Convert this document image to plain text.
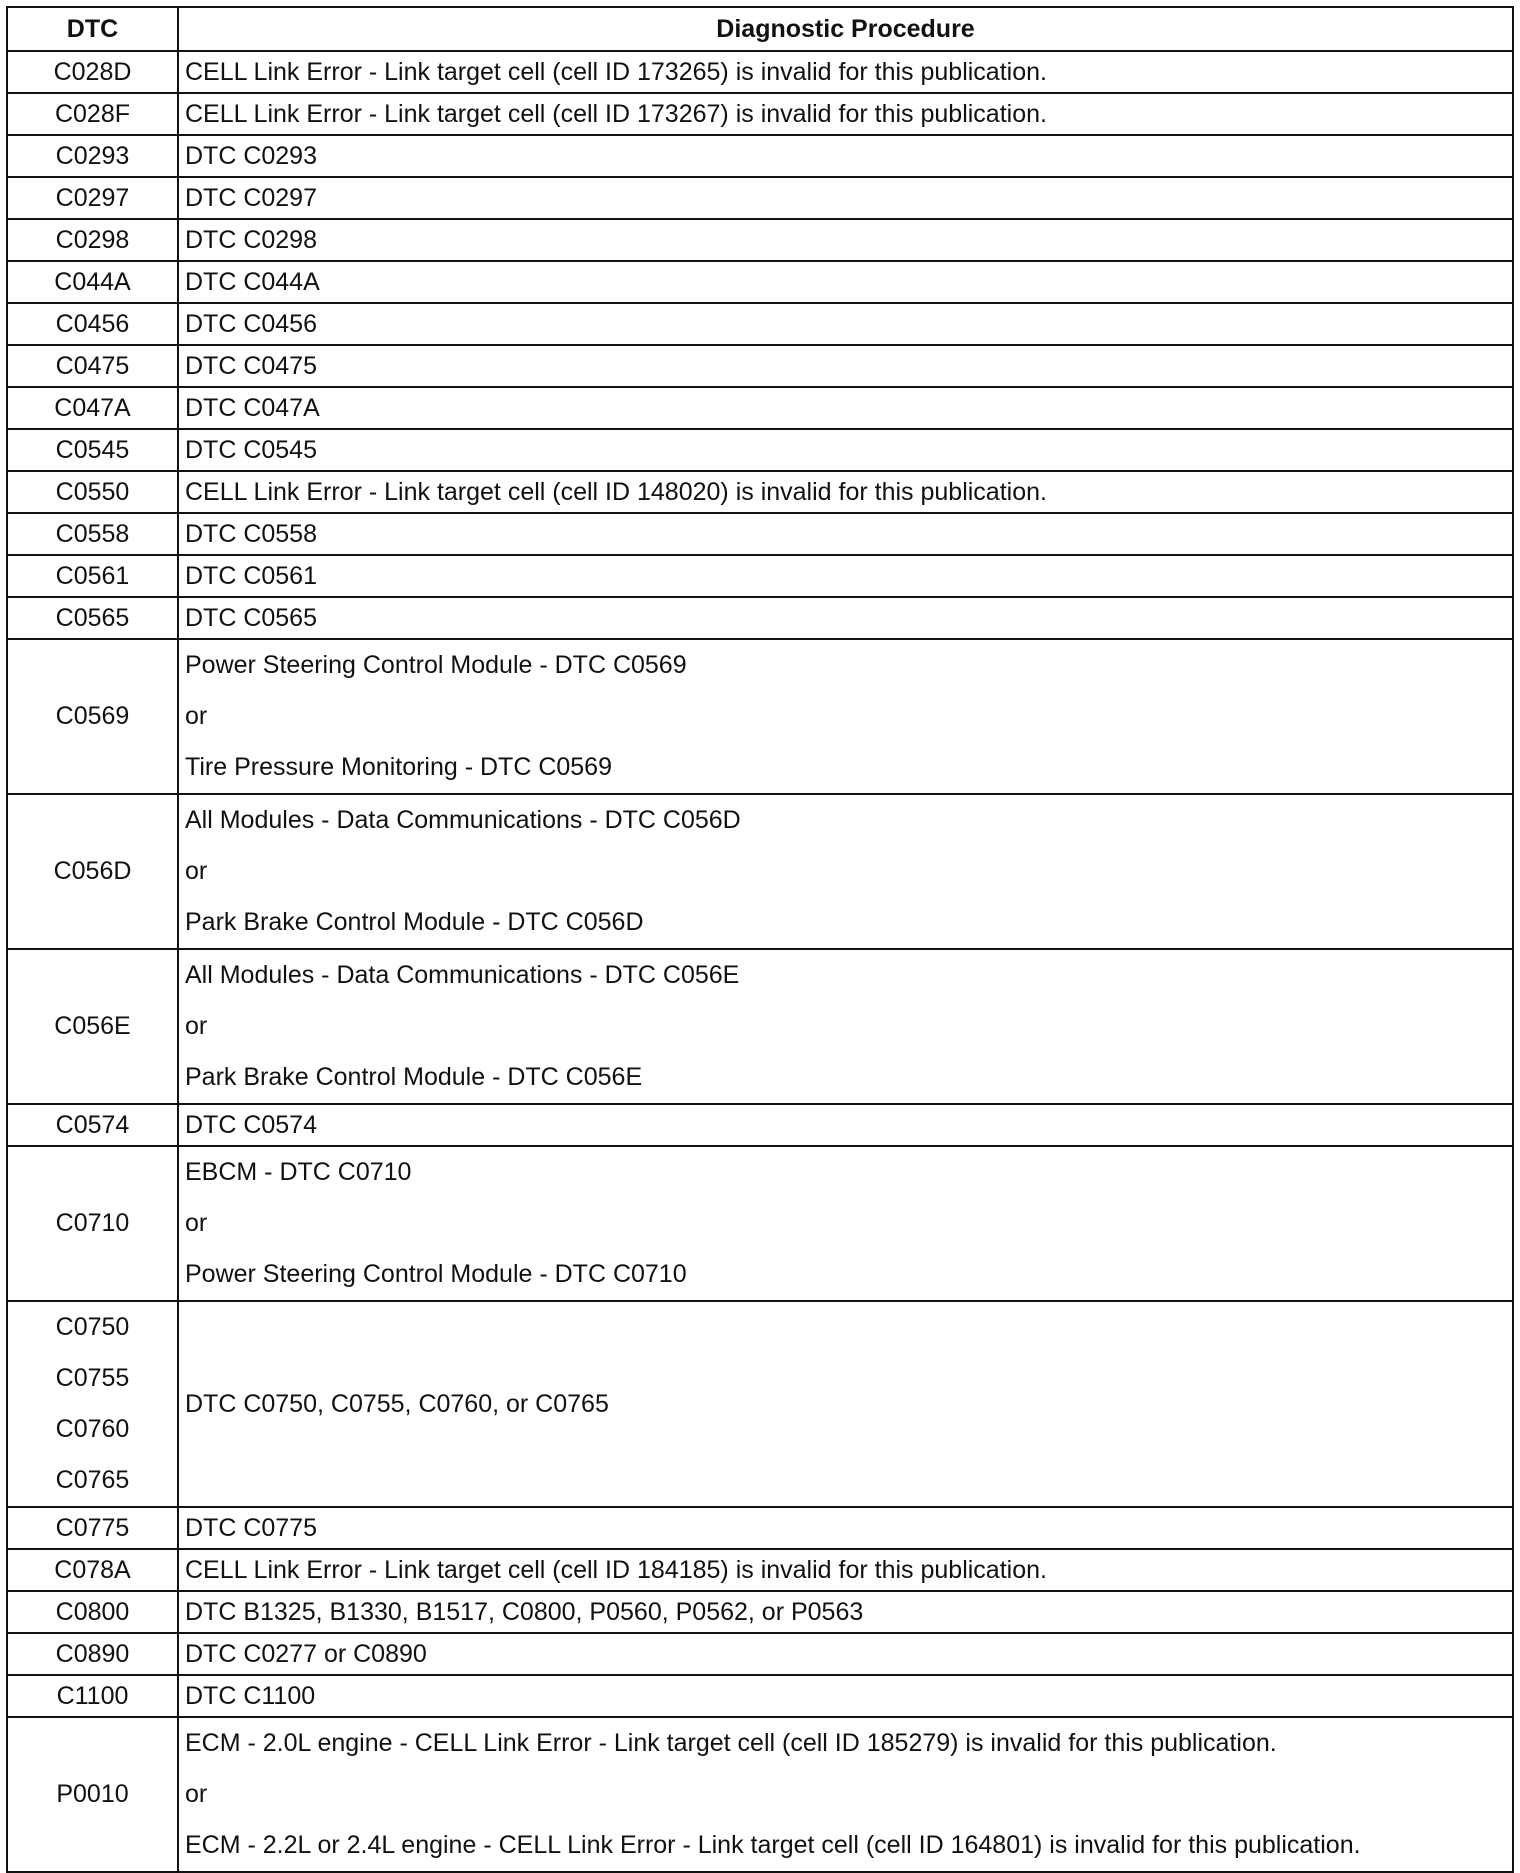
DTC	Diagnostic Procedure

C028D	CELL Link Error - Link target cell (cell ID 173265) is invalid for this publication.

C028F	CELL Link Error - Link target cell (cell ID 173267) is invalid for this publication.

C0293	DTC C0293

C0297	DTC C0297

C0298	DTC C0298

C044A	DTC C044A

C0456	DTC C0456

C0475	DTC C0475

C047A	DTC C047A

C0545	DTC C0545

C0550	CELL Link Error - Link target cell (cell ID 148020) is invalid for this publication.

C0558	DTC C0558

C0561	DTC C0561

C0565	DTC C0565

C0569	Power Steering Control Module - DTC C0569
or
Tire Pressure Monitoring - DTC C0569

C056D	All Modules - Data Communications - DTC C056D
or
Park Brake Control Module - DTC C056D

C056E	All Modules - Data Communications - DTC C056E
or
Park Brake Control Module - DTC C056E

C0574	DTC C0574

C0710	EBCM - DTC C0710
or
Power Steering Control Module - DTC C0710

C0750
C0755
C0760
C0765	DTC C0750, C0755, C0760, or C0765

C0775	DTC C0775

C078A	CELL Link Error - Link target cell (cell ID 184185) is invalid for this publication.

C0800	DTC B1325, B1330, B1517, C0800, P0560, P0562, or P0563

C0890	DTC C0277 or C0890

C1100	DTC C1100

P0010	ECM - 2.0L engine - CELL Link Error - Link target cell (cell ID 185279) is invalid for this publication.
or
ECM - 2.2L or 2.4L engine - CELL Link Error - Link target cell (cell ID 164801) is invalid for this publication.
